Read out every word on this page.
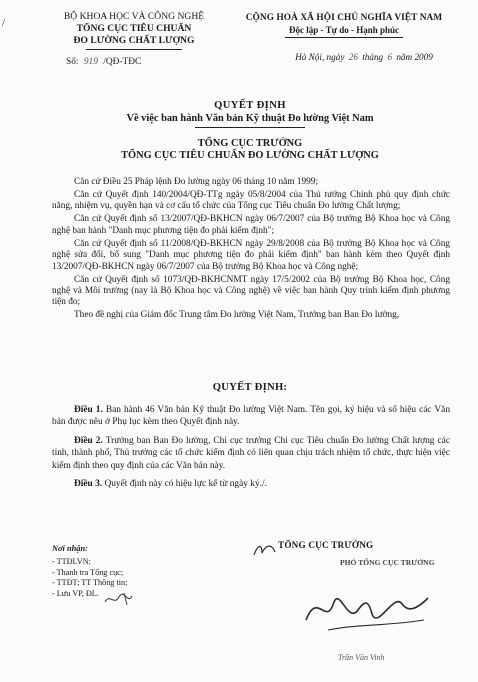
/
BỘ KHOA HỌC VÀ CÔNG NGHỆ
TỔNG CỤC TIÊU CHUẨN
ĐO LƯỜNG CHẤT LƯỢNG
Số: 919 /QĐ-TĐC
CỘNG HOÀ XÃ HỘI CHỦ NGHĨA VIỆT NAM
Độc lập - Tự do - Hạnh phúc
Hà Nội, ngày 26 tháng 6 năm 2009
QUYẾT ĐỊNH
Về việc ban hành Văn bản Kỹ thuật Đo lường Việt Nam
TỔNG CỤC TRƯỞNG
TỔNG CỤC TIÊU CHUẨN ĐO LƯỜNG CHẤT LƯỢNG

Căn cứ Điều 25 Pháp lệnh Đo lường ngày 06 tháng 10 năm 1999;

Căn cứ Quyết định 140/2004/QĐ-TTg ngày 05/8/2004 của Thủ tướng Chính phủ quy định chức năng, nhiệm vụ, quyền hạn và cơ cấu tổ chức của Tổng cục Tiêu chuẩn Đo lường Chất lượng;

Căn cứ Quyết định số 13/2007/QĐ-BKHCN ngày 06/7/2007 của Bộ trưởng Bộ Khoa học và Công nghệ ban hành "Danh mục phương tiện đo phải kiểm định";

Căn cứ Quyết định số 11/2008/QĐ-BKHCN ngày 29/8/2008 của Bộ trưởng Bộ Khoa học và Công nghệ sửa đổi, bổ sung "Danh mục phương tiện đo phải kiểm định" ban hành kèm theo Quyết định 13/2007/QĐ-BKHCN ngày 06/7/2007 của Bộ trưởng Bộ Khoa học và Công nghệ;

Căn cứ Quyết định số 1073/QĐ-BKHCNMT ngày 17/5/2002 của Bộ trưởng Bộ Khoa học, Công nghệ và Môi trường (nay là Bộ Khoa học và Công nghệ) về việc ban hành Quy trình kiểm định phương tiện đo;

Theo đề nghị của Giám đốc Trung tâm Đo lường Việt Nam, Trưởng ban Ban Đo lường,

QUYẾT ĐỊNH:

Điều 1. Ban hành 46 Văn bản Kỹ thuật Đo lường Việt Nam. Tên gọi, ký hiệu và số hiệu các Văn bản được nêu ở Phụ lục kèm theo Quyết định này.

Điều 2. Trưởng ban Ban Đo lường, Chi cục trưởng Chi cục Tiêu chuẩn Đo lường Chất lượng các tỉnh, thành phố, Thủ trưởng các tổ chức kiểm định có liên quan chịu trách nhiệm tổ chức, thực hiện việc kiểm định theo quy định của các Văn bản này.

Điều 3. Quyết định này có hiệu lực kể từ ngày ký./.

Nơi nhận:
- TTĐLVN;
- Thanh tra Tổng cục;
- TTĐT; TT Thông tin;
- Lưu VP, ĐL.
TỔNG CỤC TRƯỞNG
PHÓ TỔNG CỤC TRƯỞNG
Trần Văn Vinh
